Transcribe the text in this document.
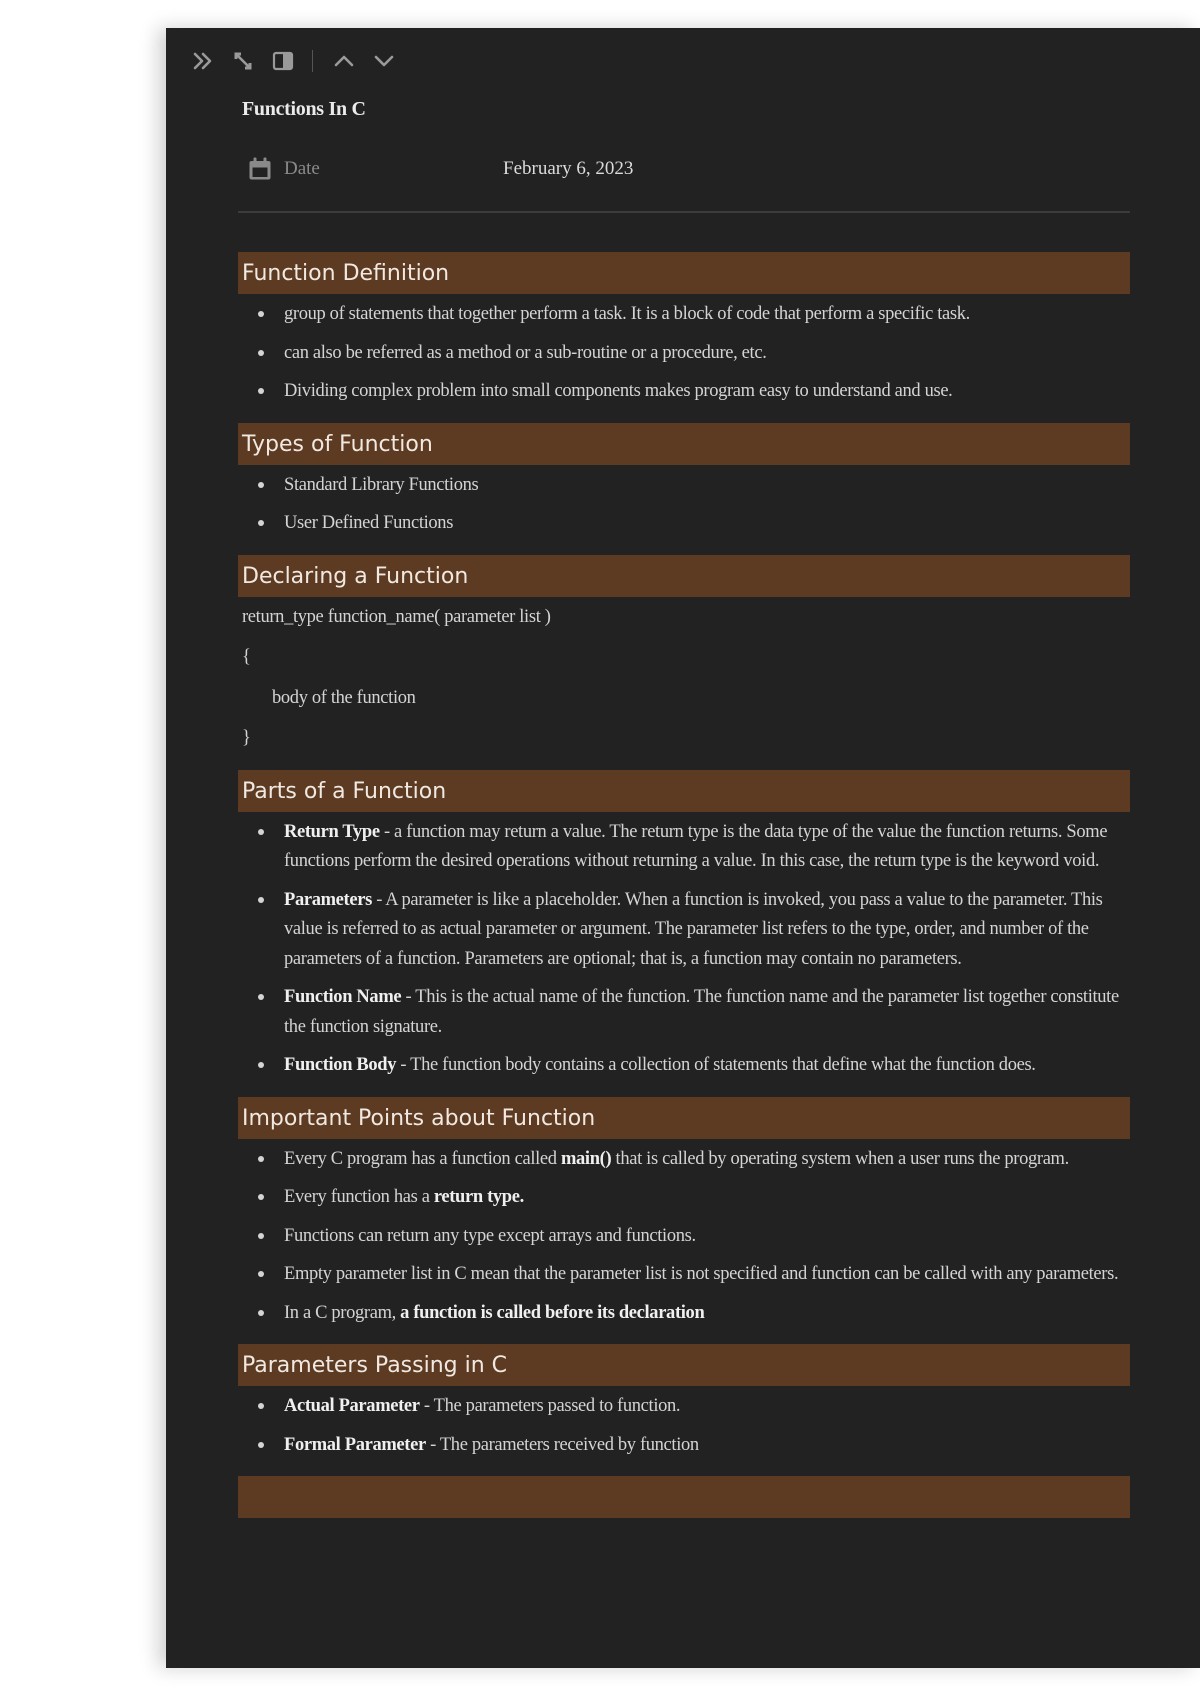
Functions In C
Date	February 6, 2023
Function Definition
group of statements that together perform a task. It is a block of code that perform a specific task.
can also be referred as a method or a sub-routine or a procedure, etc.
Dividing complex problem into small components makes program easy to understand and use.
Types of Function
Standard Library Functions
User Defined Functions
Declaring a Function
return_type function_name( parameter list )
{
body of the function
}
Parts of a Function
Return Type - a function may return a value. The return type is the data type of the value the function returns. Some functions perform the desired operations without returning a value. In this case, the return type is the keyword void.
Parameters - A parameter is like a placeholder. When a function is invoked, you pass a value to the parameter. This value is referred to as actual parameter or argument. The parameter list refers to the type, order, and number of the parameters of a function. Parameters are optional; that is, a function may contain no parameters.
Function Name - This is the actual name of the function. The function name and the parameter list together constitute the function signature.
Function Body - The function body contains a collection of statements that define what the function does.
Important Points about Function
Every C program has a function called main() that is called by operating system when a user runs the program.
Every function has a return type.
Functions can return any type except arrays and functions.
Empty parameter list in C mean that the parameter list is not specified and function can be called with any parameters.
In a C program, a function is called before its declaration
Parameters Passing in C
Actual Parameter - The parameters passed to function.
Formal Parameter - The parameters received by function
